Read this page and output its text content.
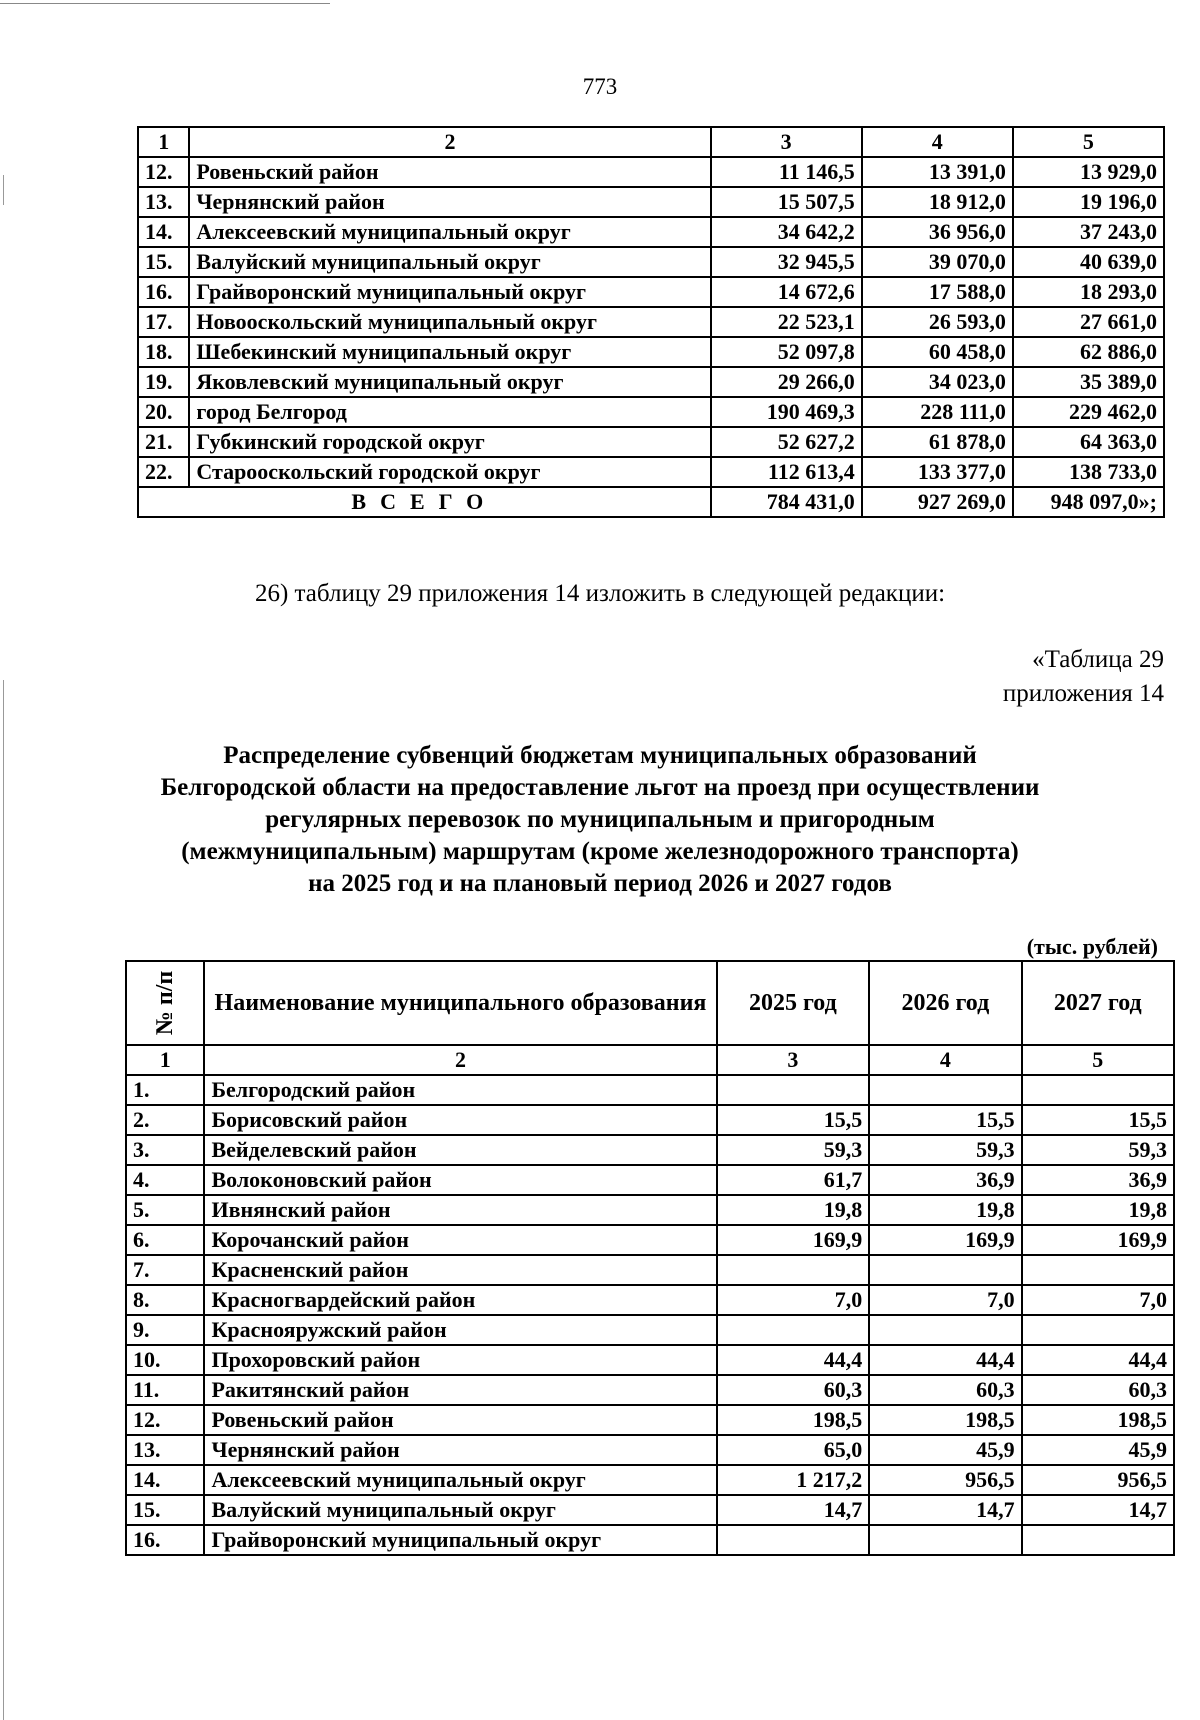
773
1	2	3	4	5
12.	Ровеньский район	11 146,5	13 391,0	13 929,0
13.	Чернянский район	15 507,5	18 912,0	19 196,0
14.	Алексеевский муниципальный округ	34 642,2	36 956,0	37 243,0
15.	Валуйский муниципальный округ	32 945,5	39 070,0	40 639,0
16.	Грайворонский муниципальный округ	14 672,6	17 588,0	18 293,0
17.	Новооскольский муниципальный округ	22 523,1	26 593,0	27 661,0
18.	Шебекинский муниципальный округ	52 097,8	60 458,0	62 886,0
19.	Яковлевский муниципальный округ	29 266,0	34 023,0	35 389,0
20.	город Белгород	190 469,3	228 111,0	229 462,0
21.	Губкинский городской округ	52 627,2	61 878,0	64 363,0
22.	Старооскольский городской округ	112 613,4	133 377,0	138 733,0
ВСЕГО		784 431,0	927 269,0	948 097,0»;
26) таблицу 29 приложения 14 изложить в следующей редакции:
«Таблица 29
приложения 14
Распределение субвенций бюджетам муниципальных образований
Белгородской области на предоставление льгот на проезд при осуществлении
регулярных перевозок по муниципальным и пригородным
(межмуниципальным) маршрутам (кроме железнодорожного транспорта)
на 2025 год и на плановый период 2026 и 2027 годов
(тыс. рублей)
№ п/п	Наименование муниципального образования	2025 год	2026 год	2027 год
1	2	3	4	5
1.	Белгородский район			
2.	Борисовский район	15,5	15,5	15,5
3.	Вейделевский район	59,3	59,3	59,3
4.	Волоконовский район	61,7	36,9	36,9
5.	Ивнянский район	19,8	19,8	19,8
6.	Корочанский район	169,9	169,9	169,9
7.	Красненский район			
8.	Красногвардейский район	7,0	7,0	7,0
9.	Краснояружский район			
10.	Прохоровский район	44,4	44,4	44,4
11.	Ракитянский район	60,3	60,3	60,3
12.	Ровеньский район	198,5	198,5	198,5
13.	Чернянский район	65,0	45,9	45,9
14.	Алексеевский муниципальный округ	1 217,2	956,5	956,5
15.	Валуйский муниципальный округ	14,7	14,7	14,7
16.	Грайворонский муниципальный округ			
